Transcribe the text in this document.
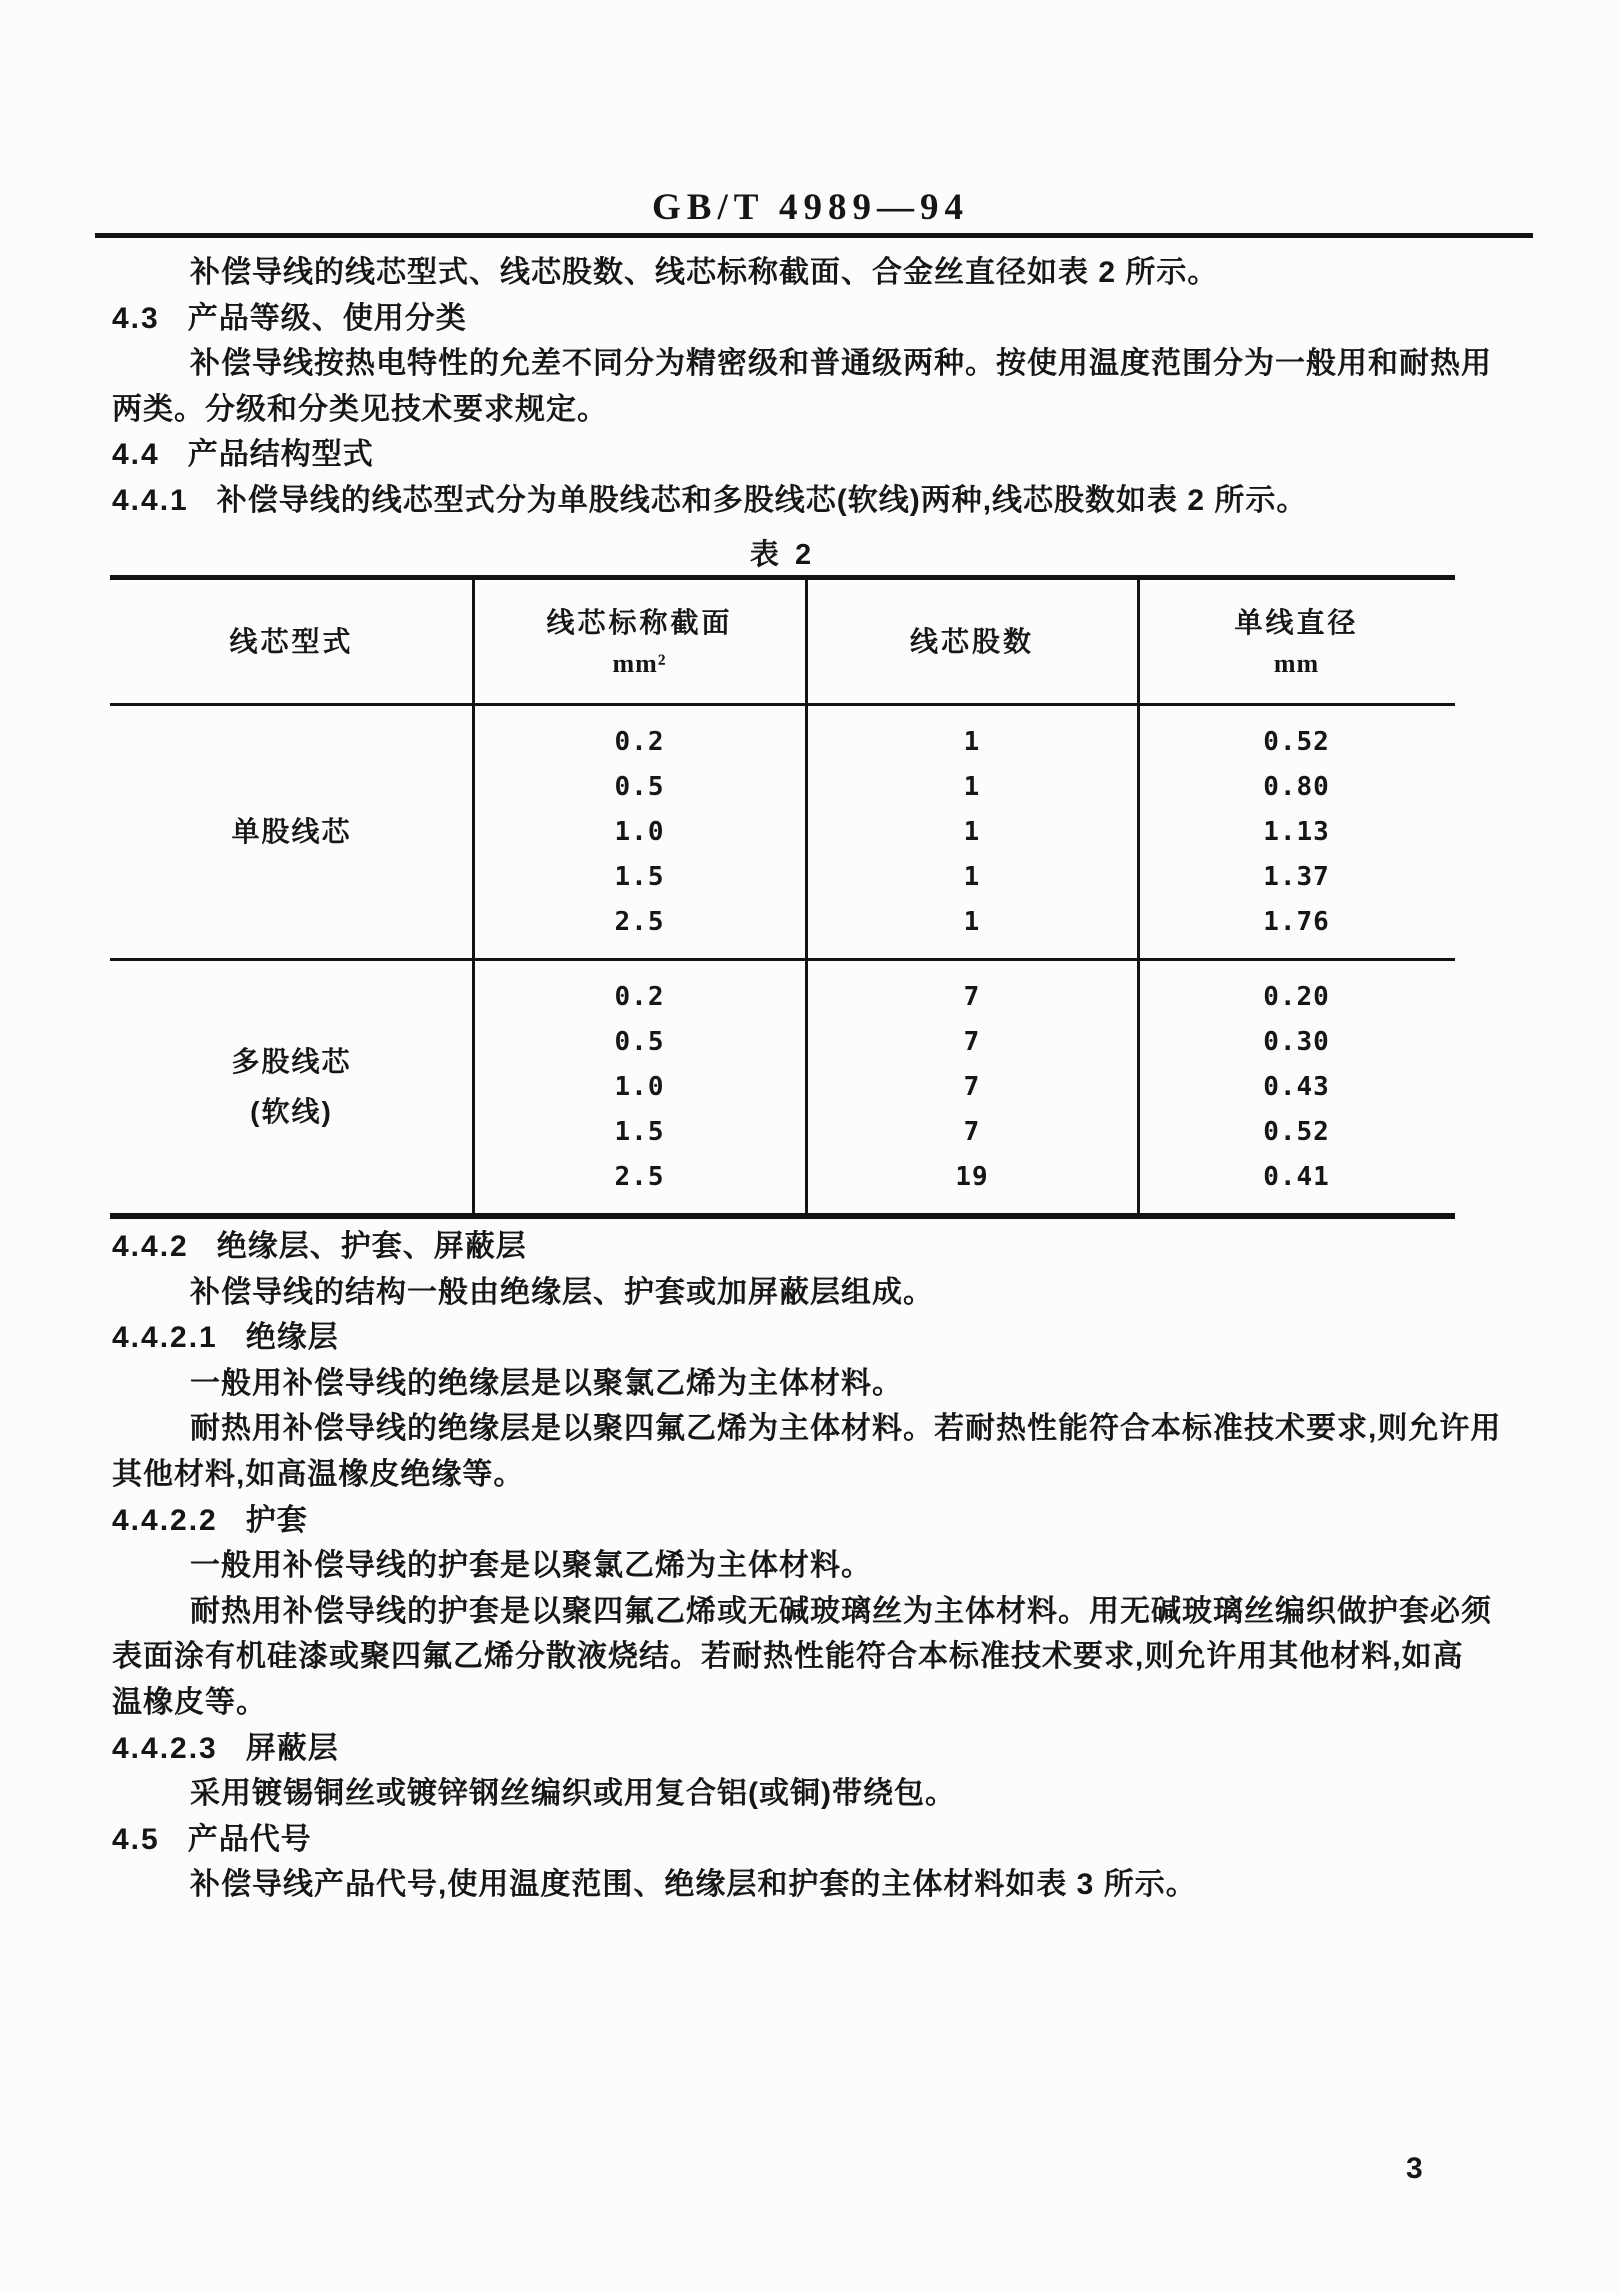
GB/T 4989—94
补偿导线的线芯型式、线芯股数、线芯标称截面、合金丝直径如表 2 所示。
4.3 产品等级、使用分类
补偿导线按热电特性的允差不同分为精密级和普通级两种。按使用温度范围分为一般用和耐热用
两类。分级和分类见技术要求规定。
4.4 产品结构型式
4.4.1 补偿导线的线芯型式分为单股线芯和多股线芯(软线)两种,线芯股数如表 2 所示。
表 2
线芯型式
线芯标称截面
mm²
线芯股数
单线直径
mm
单股线芯
0.2
0.5
1.0
1.5
2.5
1
1
1
1
1
0.52
0.80
1.13
1.37
1.76
多股线芯
(软线)
0.2
0.5
1.0
1.5
2.5
7
7
7
7
19
0.20
0.30
0.43
0.52
0.41
4.4.2 绝缘层、护套、屏蔽层
补偿导线的结构一般由绝缘层、护套或加屏蔽层组成。
4.4.2.1 绝缘层
一般用补偿导线的绝缘层是以聚氯乙烯为主体材料。
耐热用补偿导线的绝缘层是以聚四氟乙烯为主体材料。若耐热性能符合本标准技术要求,则允许用
其他材料,如高温橡皮绝缘等。
4.4.2.2 护套
一般用补偿导线的护套是以聚氯乙烯为主体材料。
耐热用补偿导线的护套是以聚四氟乙烯或无碱玻璃丝为主体材料。用无碱玻璃丝编织做护套必须
表面涂有机硅漆或聚四氟乙烯分散液烧结。若耐热性能符合本标准技术要求,则允许用其他材料,如高
温橡皮等。
4.4.2.3 屏蔽层
采用镀锡铜丝或镀锌钢丝编织或用复合铝(或铜)带绕包。
4.5 产品代号
补偿导线产品代号,使用温度范围、绝缘层和护套的主体材料如表 3 所示。
3
